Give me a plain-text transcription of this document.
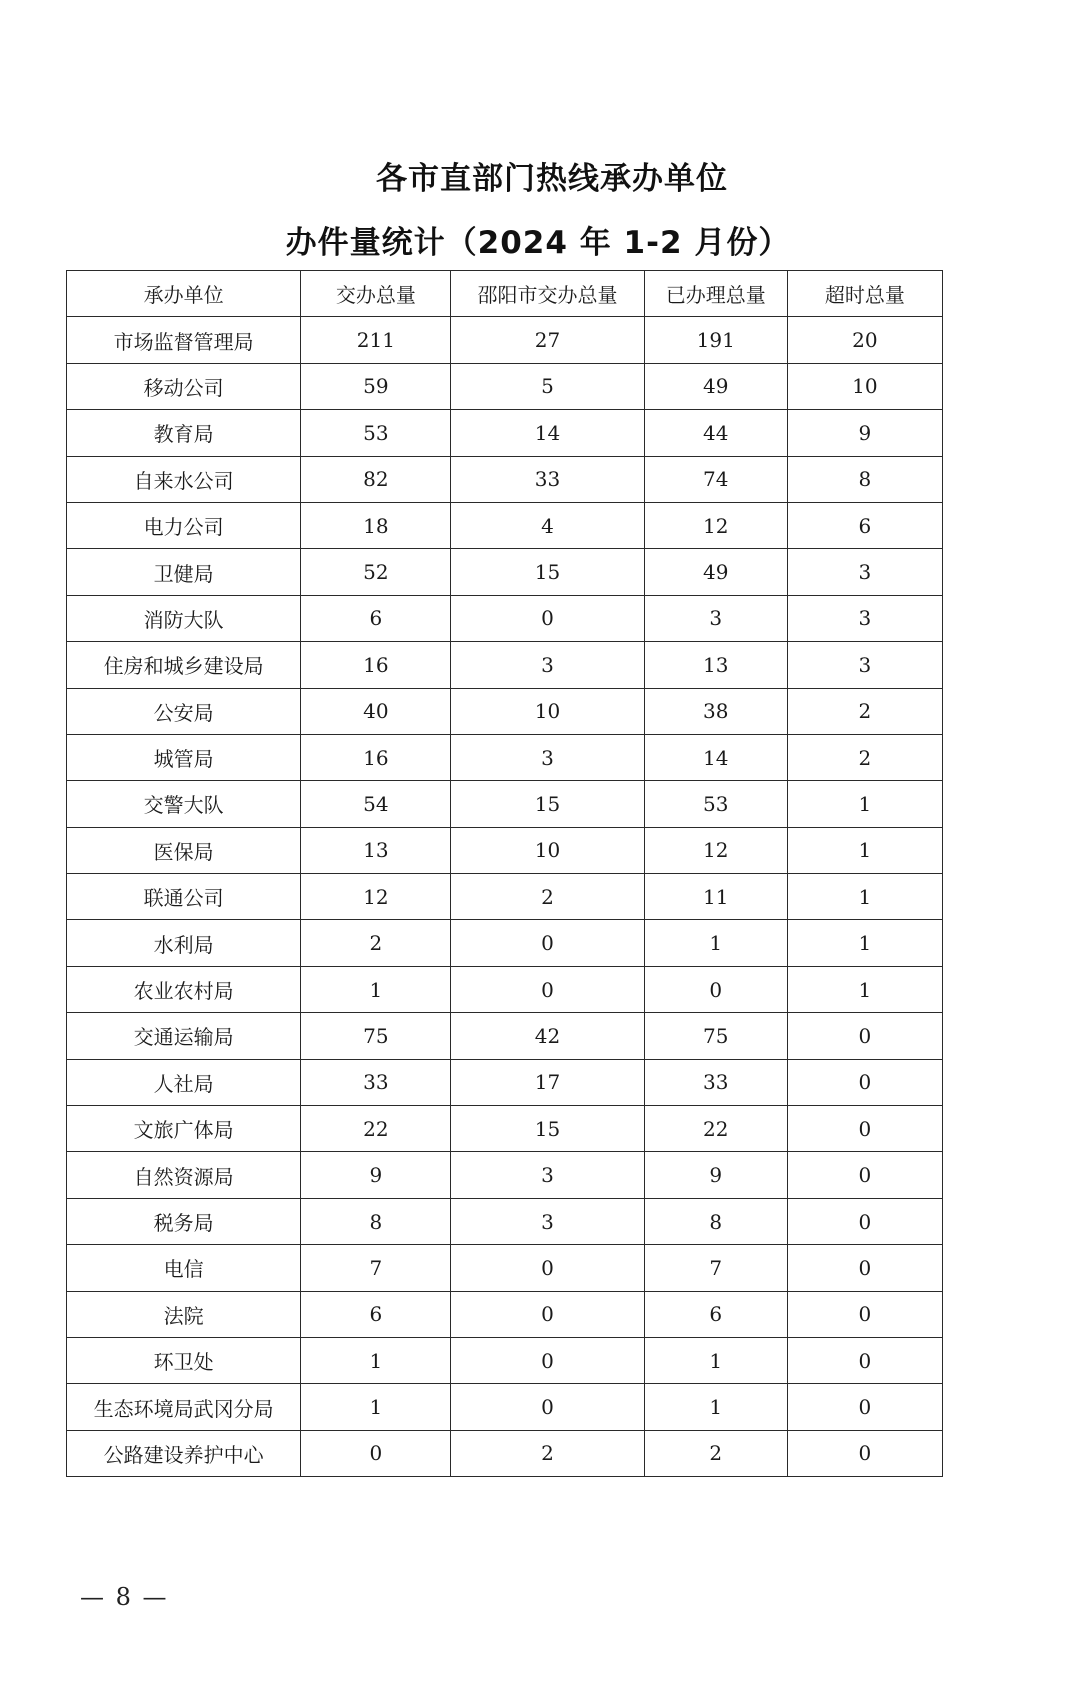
各市直部门热线承办单位
办件量统计（2024 年 1-2 月份）
承办单位	交办总量	邵阳市交办总量	已办理总量	超时总量
市场监督管理局	211	27	191	20
移动公司	59	5	49	10
教育局	53	14	44	9
自来水公司	82	33	74	8
电力公司	18	4	12	6
卫健局	52	15	49	3
消防大队	6	0	3	3
住房和城乡建设局	16	3	13	3
公安局	40	10	38	2
城管局	16	3	14	2
交警大队	54	15	53	1
医保局	13	10	12	1
联通公司	12	2	11	1
水利局	2	0	1	1
农业农村局	1	0	0	1
交通运输局	75	42	75	0
人社局	33	17	33	0
文旅广体局	22	15	22	0
自然资源局	9	3	9	0
税务局	8	3	8	0
电信	7	0	7	0
法院	6	0	6	0
环卫处	1	0	1	0
生态环境局武冈分局	1	0	1	0
公路建设养护中心	0	2	2	0
— 8 —
